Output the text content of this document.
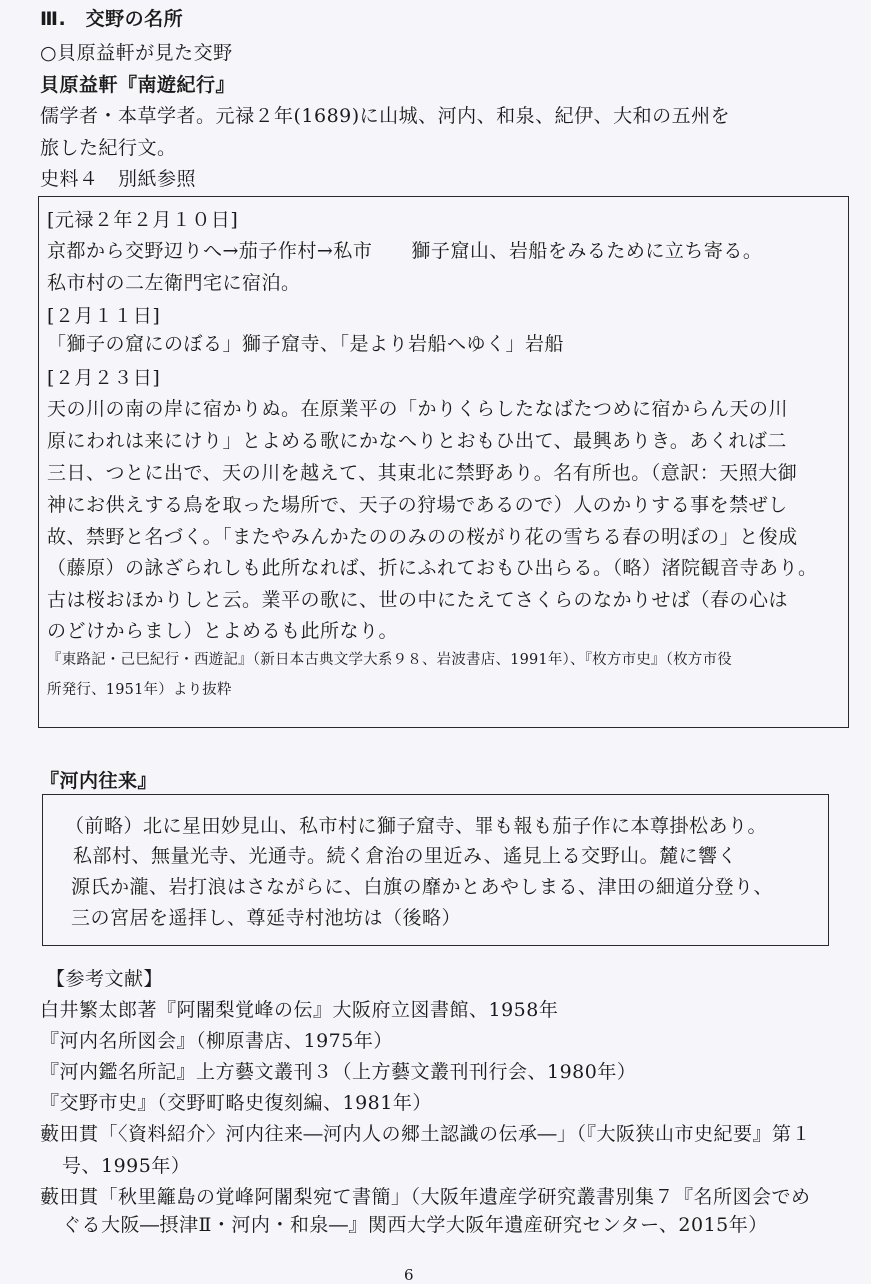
Ⅲ.　交野の名所
○貝原益軒が見た交野
貝原益軒『南遊紀行』
儒学者・本草学者。元禄２年(1689)に山城、河内、和泉、紀伊、大和の五州を
旅した紀行文。
史料４　別紙参照
[元禄２年２月１０日]
京都から交野辺りへ→茄子作村→私市　　獅子窟山、岩船をみるために立ち寄る。
私市村の二左衛門宅に宿泊。
[２月１１日]
「獅子の窟にのぼる」獅子窟寺、「是より岩船へゆく」岩船
[２月２３日]
天の川の南の岸に宿かりぬ。在原業平の「かりくらしたなばたつめに宿からん天の川
原にわれは来にけり」とよめる歌にかなへりとおもひ出て、最興ありき。あくれば二
三日、つとに出で、天の川を越えて、其東北に禁野あり。名有所也。（意訳：天照大御
神にお供えする鳥を取った場所で、天子の狩場であるので）人のかりする事を禁ぜし
故、禁野と名づく。「またやみんかたののみのの桜がり花の雪ちる春の明ぼの」と俊成
（藤原）の詠ざられしも此所なれば、折にふれておもひ出らる。（略）渚院観音寺あり。
古は桜おほかりしと云。業平の歌に、世の中にたえてさくらのなかりせば（春の心は
のどけからまし）とよめるも此所なり。
『東路記・己巳紀行・西遊記』（新日本古典文学大系９８、岩波書店、1991年）、『枚方市史』（枚方市役
所発行、1951年）より抜粋
『河内往来』
（前略）北に星田妙見山、私市村に獅子窟寺、罪も報も茄子作に本尊掛松あり。
私部村、無量光寺、光通寺。続く倉治の里近み、遙見上る交野山。麓に響く
源氏か瀧、岩打浪はさながらに、白旗の靡かとあやしまる、津田の細道分登り、
三の宮居を遥拝し、尊延寺村池坊は（後略）
【参考文献】
白井繁太郎著『阿闍梨覚峰の伝』大阪府立図書館、1958年
『河内名所図会』（柳原書店、1975年）
『河内鑑名所記』上方藝文叢刊３（上方藝文叢刊刊行会、1980年）
『交野市史』（交野町略史復刻編、1981年）
藪田貫「〈資料紹介〉河内往来―河内人の郷土認識の伝承―」（『大阪狭山市史紀要』第１
号、1995年）
藪田貫「秋里籬島の覚峰阿闍梨宛て書簡」（大阪年遺産学研究叢書別集７『名所図会でめ
ぐる大阪―摂津Ⅱ・河内・和泉―』関西大学大阪年遺産研究センター、2015年）
6
